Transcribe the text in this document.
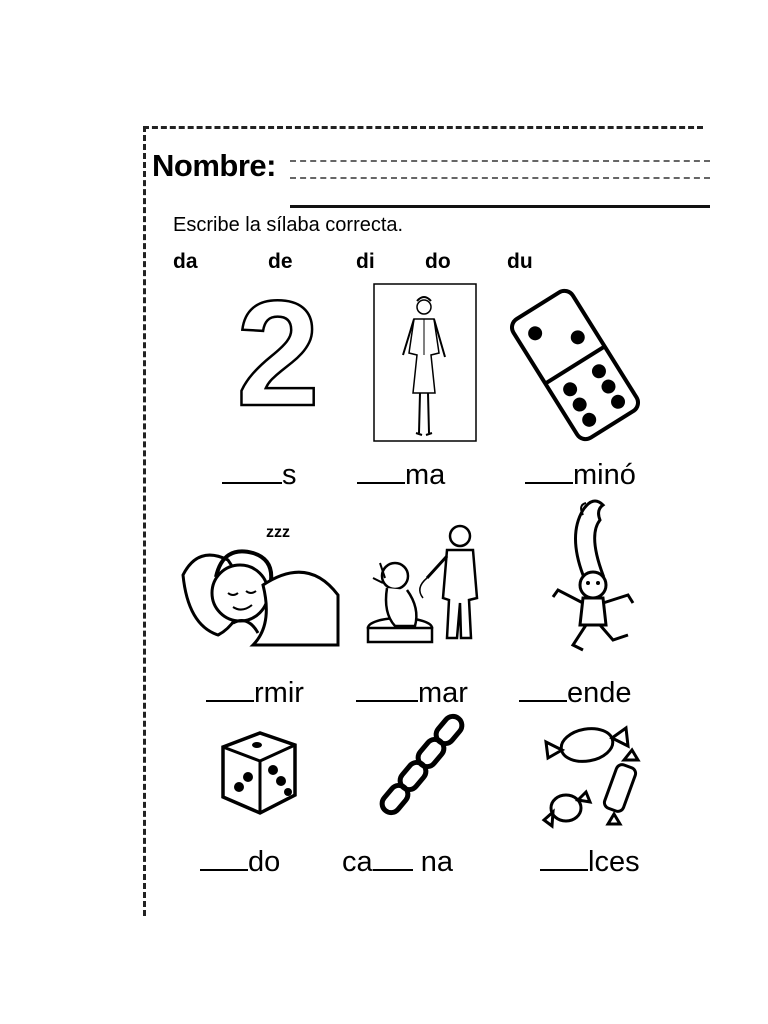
Nombre:
Escribe la sílaba correcta.
da	de	di do	du
2
s	ma	minó
zzz
rmir	mar	ende
do ca na	lces
